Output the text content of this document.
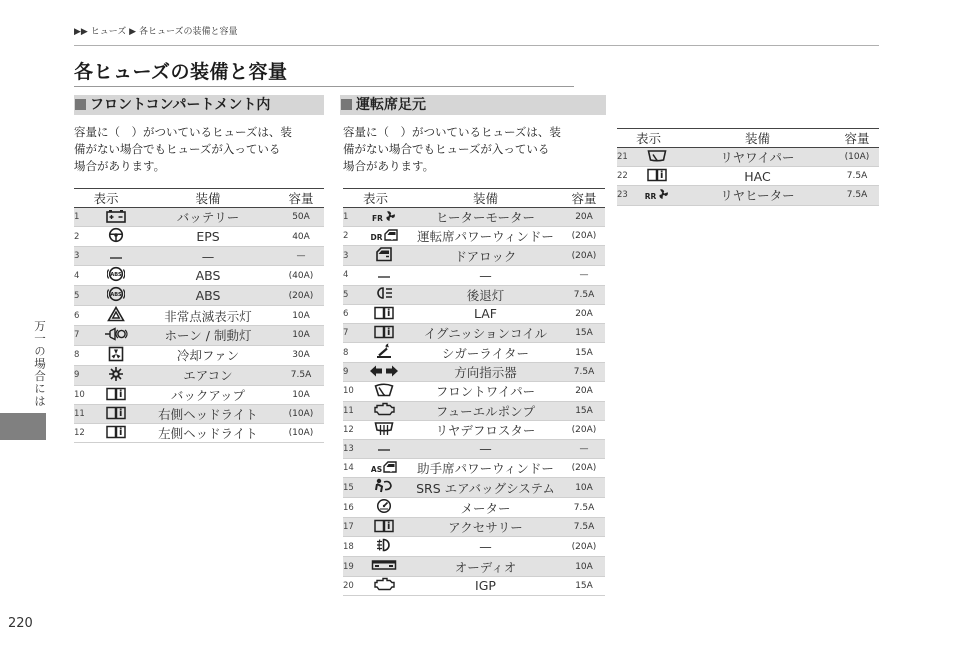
▶▶ ヒューズ ▶ 各ヒューズの装備と容量
各ヒューズの装備と容量
フロントコンパートメント内
容量に（　）がついているヒューズは、装
備がない場合でもヒューズが入っている
場合があります。
表示		装備	容量
1		バッテリー	50A
2		EPS	40A
3		—	—
4	ABS	ABS	(40A)
5	ABS	ABS	(20A)
6		非常点滅表示灯	10A
7		ホーン / 制動灯	10A
8		冷却ファン	30A
9		エアコン	7.5A
10		バックアップ	10A
11		右側ヘッドライト	(10A)
12		左側ヘッドライト	(10A)
運転席足元
容量に（　）がついているヒューズは、装
備がない場合でもヒューズが入っている
場合があります。
表示		装備	容量
1	FR	ヒーターモーター	20A
2	DR	運転席パワーウィンドー	(20A)
3		ドアロック	(20A)
4		—	—
5		後退灯	7.5A
6		LAF	20A
7		イグニッションコイル	15A
8		シガーライター	15A
9		方向指示器	7.5A
10		フロントワイパー	20A
11		フューエルポンプ	15A
12		リヤデフロスター	(20A)
13		—	—
14	AS	助手席パワーウィンドー	(20A)
15		SRS エアバッグシステム	10A
16		メーター	7.5A
17		アクセサリー	7.5A
18		—	(20A)
19		オーディオ	10A
20		IGP	15A
表示		装備	容量
21		リヤワイパー	(10A)
22		HAC	7.5A
23	RR	リヤヒーター	7.5A
万一の場合には
220
